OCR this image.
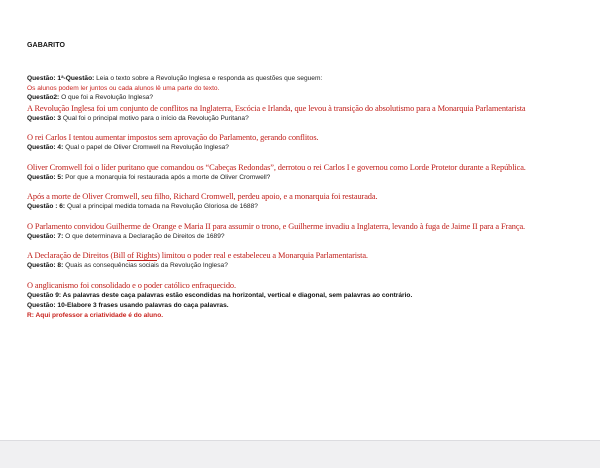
GABARITO
Questão: 1ª-Questão: Leia o texto sobre a Revolução Inglesa e responda as questões que seguem:
Os alunos podem ler juntos ou cada alunos lê uma parte do texto.
Questão2: O que foi a Revolução Inglesa?
A Revolução Inglesa foi um conjunto de conflitos na Inglaterra, Escócia e Irlanda, que levou à transição do absolutismo para a Monarquia Parlamentarista
Questão: 3 Qual foi o principal motivo para o início da Revolução Puritana?
O rei Carlos I tentou aumentar impostos sem aprovação do Parlamento, gerando conflitos.
Questão: 4: Qual o papel de Oliver Cromwell na Revolução Inglesa?
Oliver Cromwell foi o líder puritano que comandou os “Cabeças Redondas”, derrotou o rei Carlos I e governou como Lorde Protetor durante a República.
Questão: 5: Por que a monarquia foi restaurada após a morte de Oliver Cromwell?
Após a morte de Oliver Cromwell, seu filho, Richard Cromwell, perdeu apoio, e a monarquia foi restaurada.
Questão : 6: Qual a principal medida tomada na Revolução Gloriosa de 1688?
O Parlamento convidou Guilherme de Orange e Maria II para assumir o trono, e Guilherme invadiu a Inglaterra, levando à fuga de Jaime II para a França.
Questão: 7: O que determinava a Declaração de Direitos de 1689?
A Declaração de Direitos (Bill of Rights) limitou o poder real e estabeleceu a Monarquia Parlamentarista.
Questão: 8: Quais as consequências sociais da Revolução Inglesa?
O anglicanismo foi consolidado e o poder católico enfraquecido.
Questão 9: As palavras deste caça palavras estão escondidas na horizontal, vertical e diagonal, sem palavras ao contrário.
Questão: 10-Elabore 3 frases usando palavras do caça palavras.
R: Aqui professor a criatividade é do aluno.
